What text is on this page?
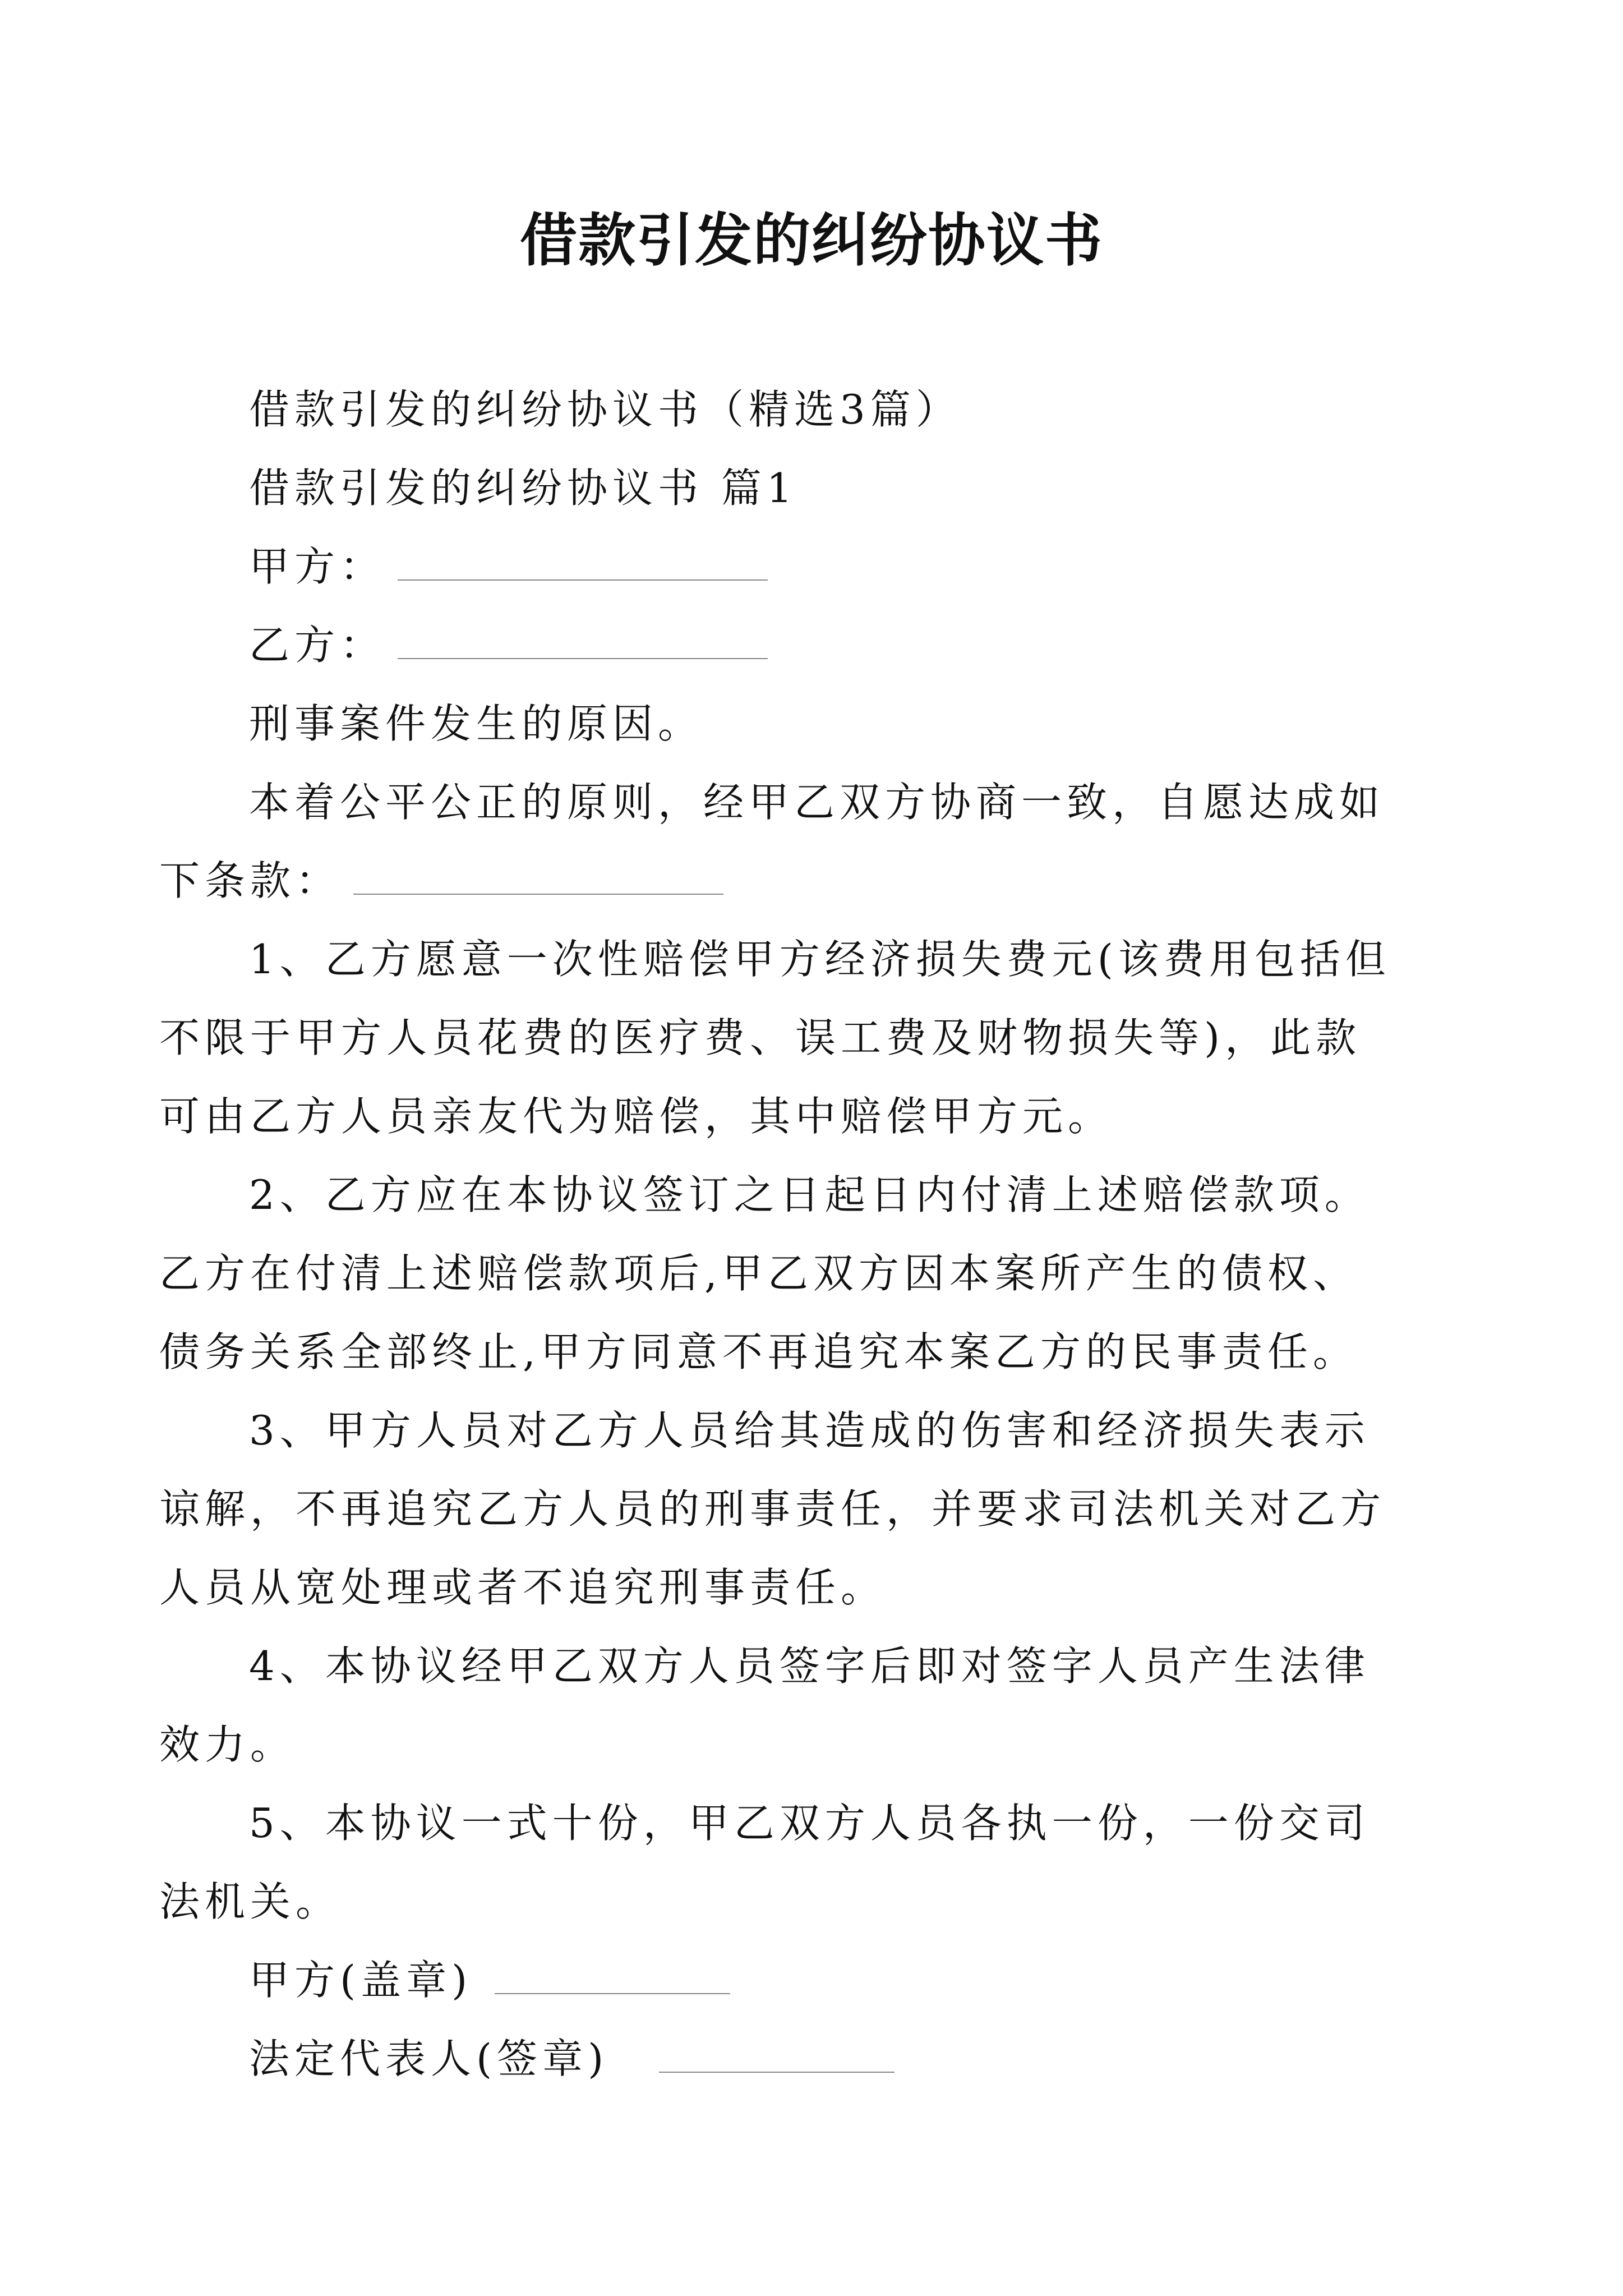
借款引发的纠纷协议书

借款引发的纠纷协议书（精选3篇）

借款引发的纠纷协议书 篇1

甲方：

乙方：

刑事案件发生的原因。

本着公平公正的原则，经甲乙双方协商一致，自愿达成如下条款：

1、乙方愿意一次性赔偿甲方经济损失费元(该费用包括但不限于甲方人员花费的医疗费、误工费及财物损失等)，此款可由乙方人员亲友代为赔偿，其中赔偿甲方元。

2、乙方应在本协议签订之日起日内付清上述赔偿款项。乙方在付清上述赔偿款项后,甲乙双方因本案所产生的债权、债务关系全部终止,甲方同意不再追究本案乙方的民事责任。

3、甲方人员对乙方人员给其造成的伤害和经济损失表示谅解，不再追究乙方人员的刑事责任，并要求司法机关对乙方人员从宽处理或者不追究刑事责任。

4、本协议经甲乙双方人员签字后即对签字人员产生法律效力。

5、本协议一式十份，甲乙双方人员各执一份，一份交司法机关。

甲方(盖章)

法定代表人(签章)
